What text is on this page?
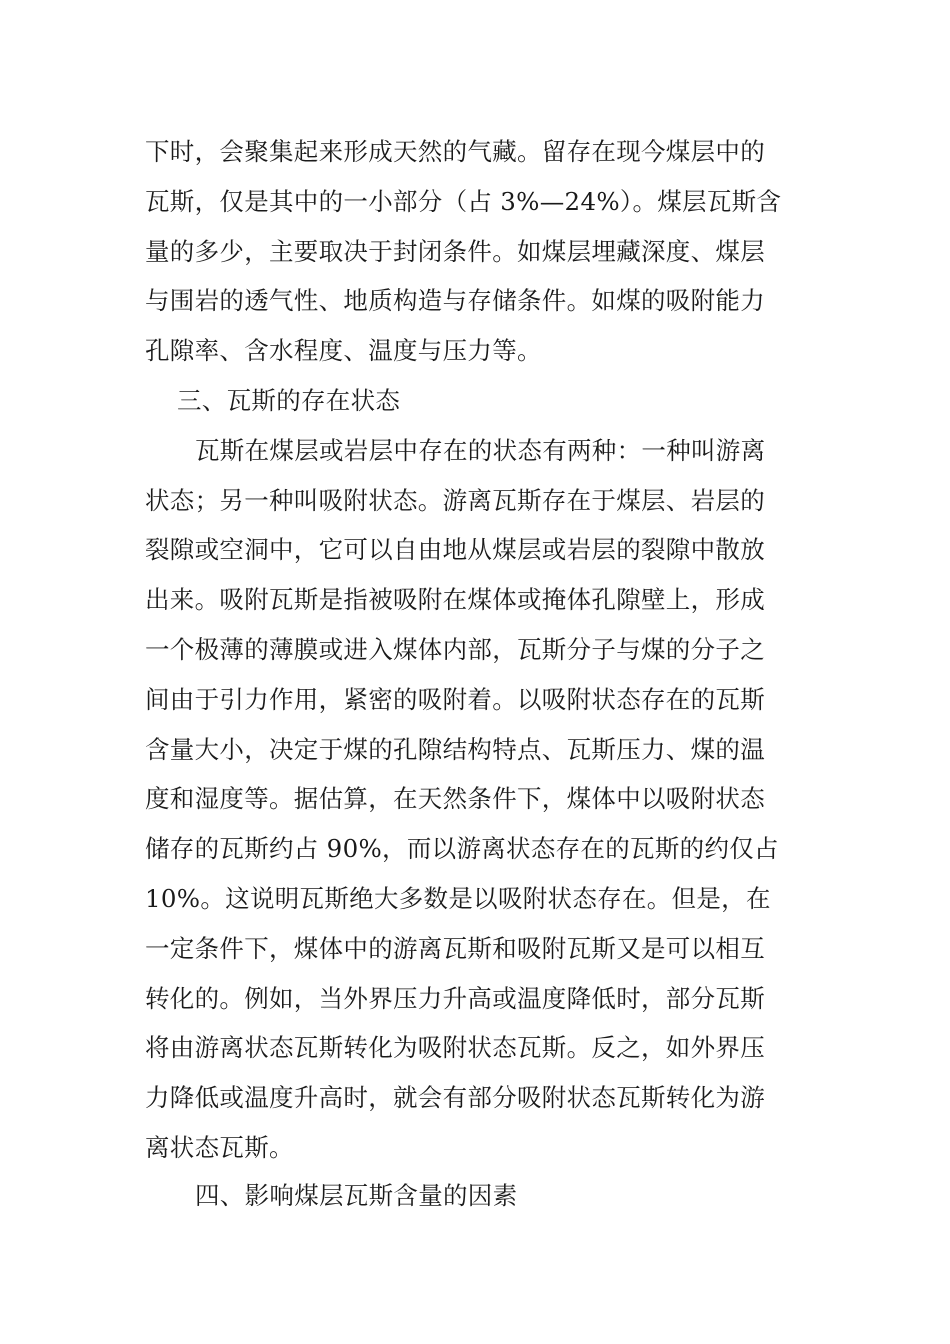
下时，会聚集起来形成天然的气藏。留存在现今煤层中的
瓦斯，仅是其中的一小部分（占 3%—24%）。煤层瓦斯含
量的多少，主要取决于封闭条件。如煤层埋藏深度、煤层
与围岩的透气性、地质构造与存储条件。如煤的吸附能力
孔隙率、含水程度、温度与压力等。
三、瓦斯的存在状态
瓦斯在煤层或岩层中存在的状态有两种：一种叫游离
状态；另一种叫吸附状态。游离瓦斯存在于煤层、岩层的
裂隙或空洞中，它可以自由地从煤层或岩层的裂隙中散放
出来。吸附瓦斯是指被吸附在煤体或掩体孔隙壁上，形成
一个极薄的薄膜或进入煤体内部，瓦斯分子与煤的分子之
间由于引力作用，紧密的吸附着。以吸附状态存在的瓦斯
含量大小，决定于煤的孔隙结构特点、瓦斯压力、煤的温
度和湿度等。据估算，在天然条件下，煤体中以吸附状态
储存的瓦斯约占 90%，而以游离状态存在的瓦斯的约仅占
10%。这说明瓦斯绝大多数是以吸附状态存在。但是，在
一定条件下，煤体中的游离瓦斯和吸附瓦斯又是可以相互
转化的。例如，当外界压力升高或温度降低时，部分瓦斯
将由游离状态瓦斯转化为吸附状态瓦斯。反之，如外界压
力降低或温度升高时，就会有部分吸附状态瓦斯转化为游
离状态瓦斯。
四、影响煤层瓦斯含量的因素
